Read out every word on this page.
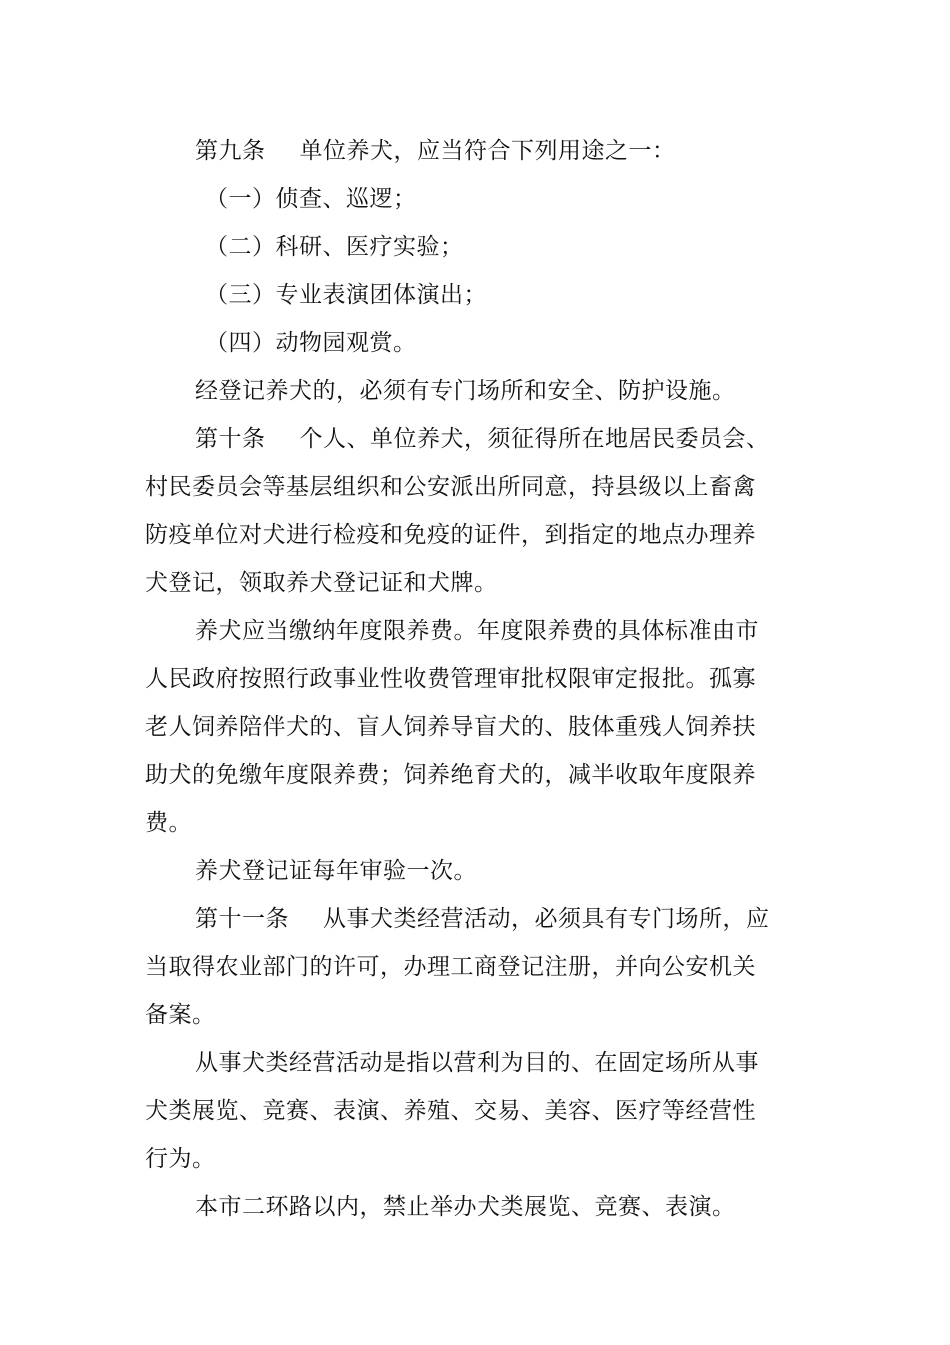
第九条 单位养犬，应当符合下列用途之一：
（一）侦查、巡逻；
（二）科研、医疗实验；
（三）专业表演团体演出；
（四）动物园观赏。
经登记养犬的，必须有专门场所和安全、防护设施。
第十条 个人、单位养犬，须征得所在地居民委员会、
村民委员会等基层组织和公安派出所同意，持县级以上畜禽
防疫单位对犬进行检疫和免疫的证件，到指定的地点办理养
犬登记，领取养犬登记证和犬牌。
养犬应当缴纳年度限养费。年度限养费的具体标准由市
人民政府按照行政事业性收费管理审批权限审定报批。孤寡
老人饲养陪伴犬的、盲人饲养导盲犬的、肢体重残人饲养扶
助犬的免缴年度限养费；饲养绝育犬的，减半收取年度限养
费。
养犬登记证每年审验一次。
第十一条 从事犬类经营活动，必须具有专门场所，应
当取得农业部门的许可，办理工商登记注册，并向公安机关
备案。
从事犬类经营活动是指以营利为目的、在固定场所从事
犬类展览、竞赛、表演、养殖、交易、美容、医疗等经营性
行为。
本市二环路以内，禁止举办犬类展览、竞赛、表演。
